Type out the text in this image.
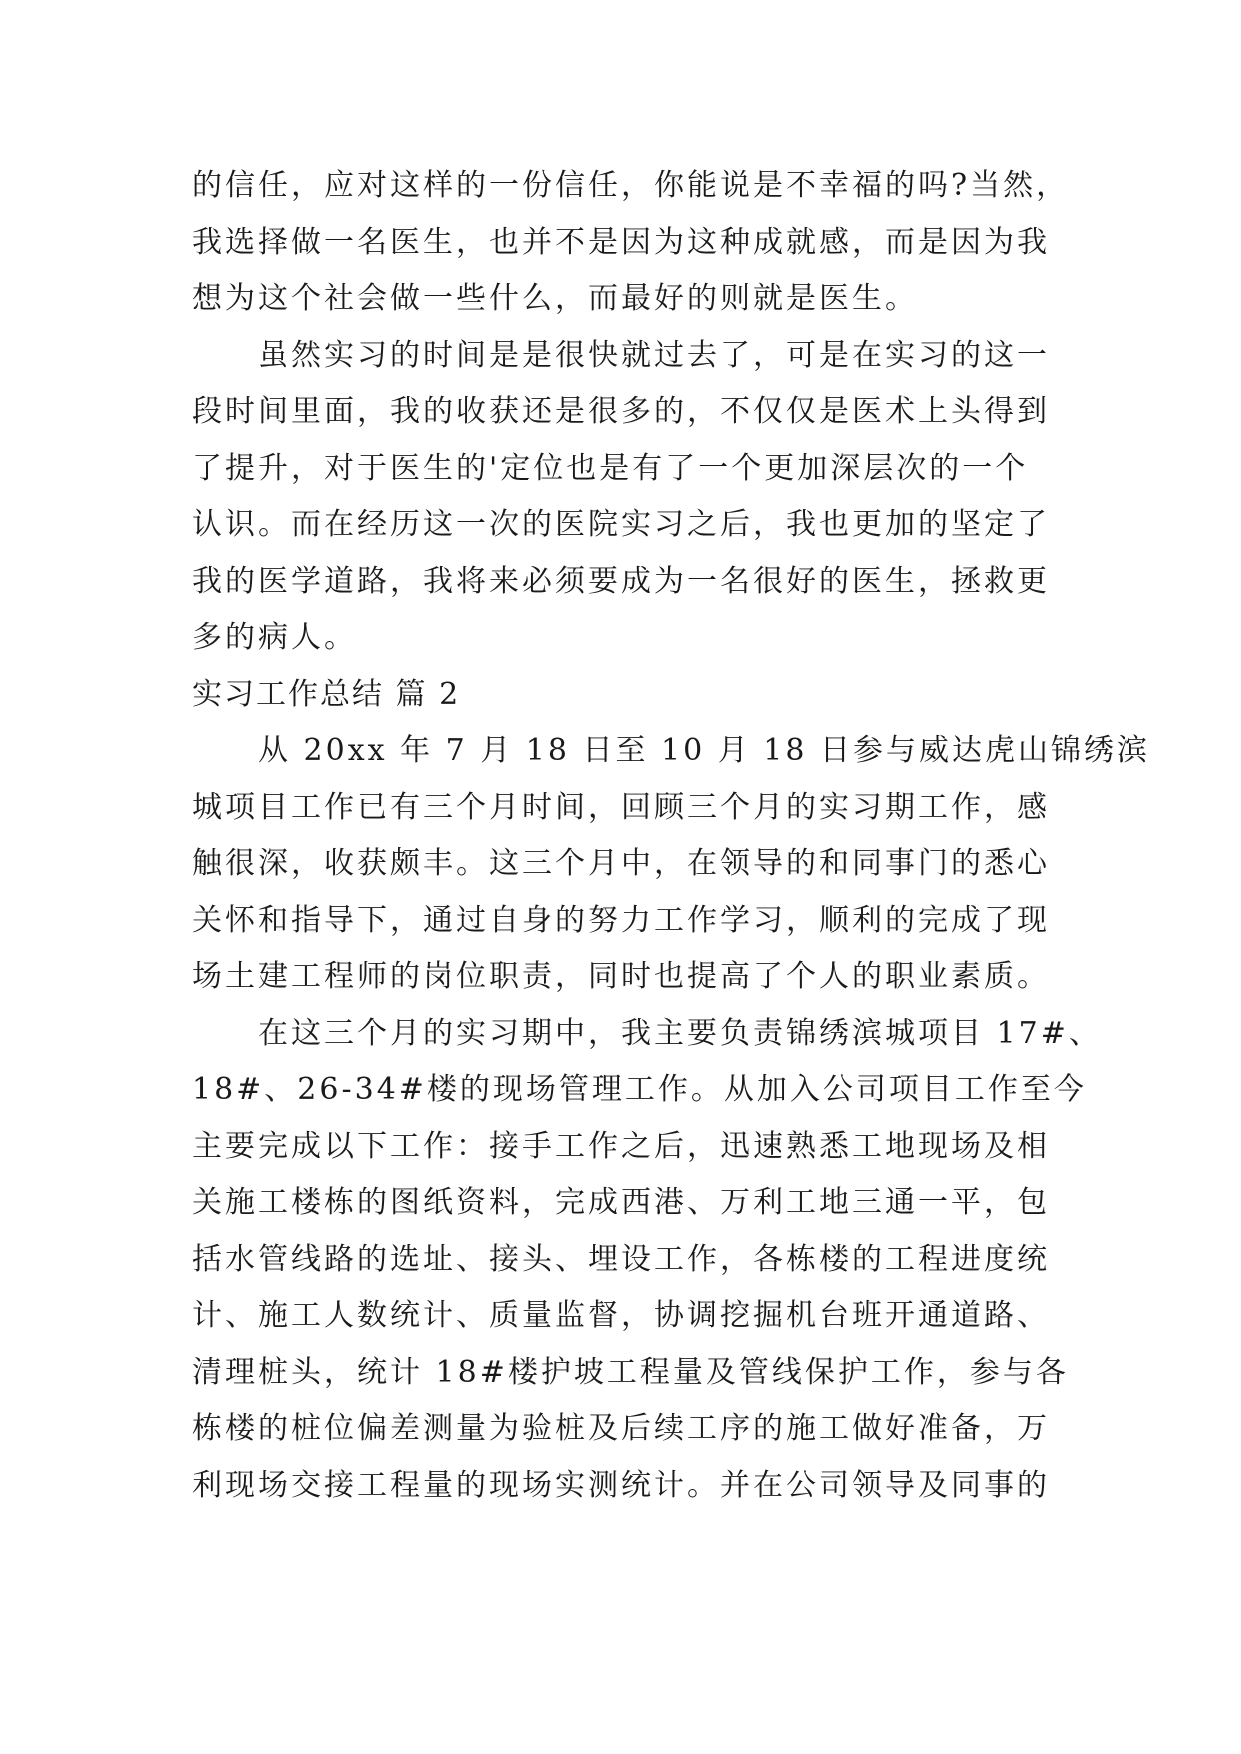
的信任，应对这样的一份信任，你能说是不幸福的吗?当然，
我选择做一名医生，也并不是因为这种成就感，而是因为我
想为这个社会做一些什么，而最好的则就是医生。
虽然实习的时间是是很快就过去了，可是在实习的这一
段时间里面，我的收获还是很多的，不仅仅是医术上头得到
了提升，对于医生的'定位也是有了一个更加深层次的一个
认识。而在经历这一次的医院实习之后，我也更加的坚定了
我的医学道路，我将来必须要成为一名很好的医生，拯救更
多的病人。
实习工作总结 篇 2
从 20xx 年 7 月 18 日至 10 月 18 日参与威达虎山锦绣滨
城项目工作已有三个月时间，回顾三个月的实习期工作，感
触很深，收获颇丰。这三个月中，在领导的和同事门的悉心
关怀和指导下，通过自身的努力工作学习，顺利的完成了现
场土建工程师的岗位职责，同时也提高了个人的职业素质。
在这三个月的实习期中，我主要负责锦绣滨城项目 17#、
18#、26-34#楼的现场管理工作。从加入公司项目工作至今
主要完成以下工作：接手工作之后，迅速熟悉工地现场及相
关施工楼栋的图纸资料，完成西港、万利工地三通一平，包
括水管线路的选址、接头、埋设工作，各栋楼的工程进度统
计、施工人数统计、质量监督，协调挖掘机台班开通道路、
清理桩头，统计 18#楼护坡工程量及管线保护工作，参与各
栋楼的桩位偏差测量为验桩及后续工序的施工做好准备，万
利现场交接工程量的现场实测统计。并在公司领导及同事的
